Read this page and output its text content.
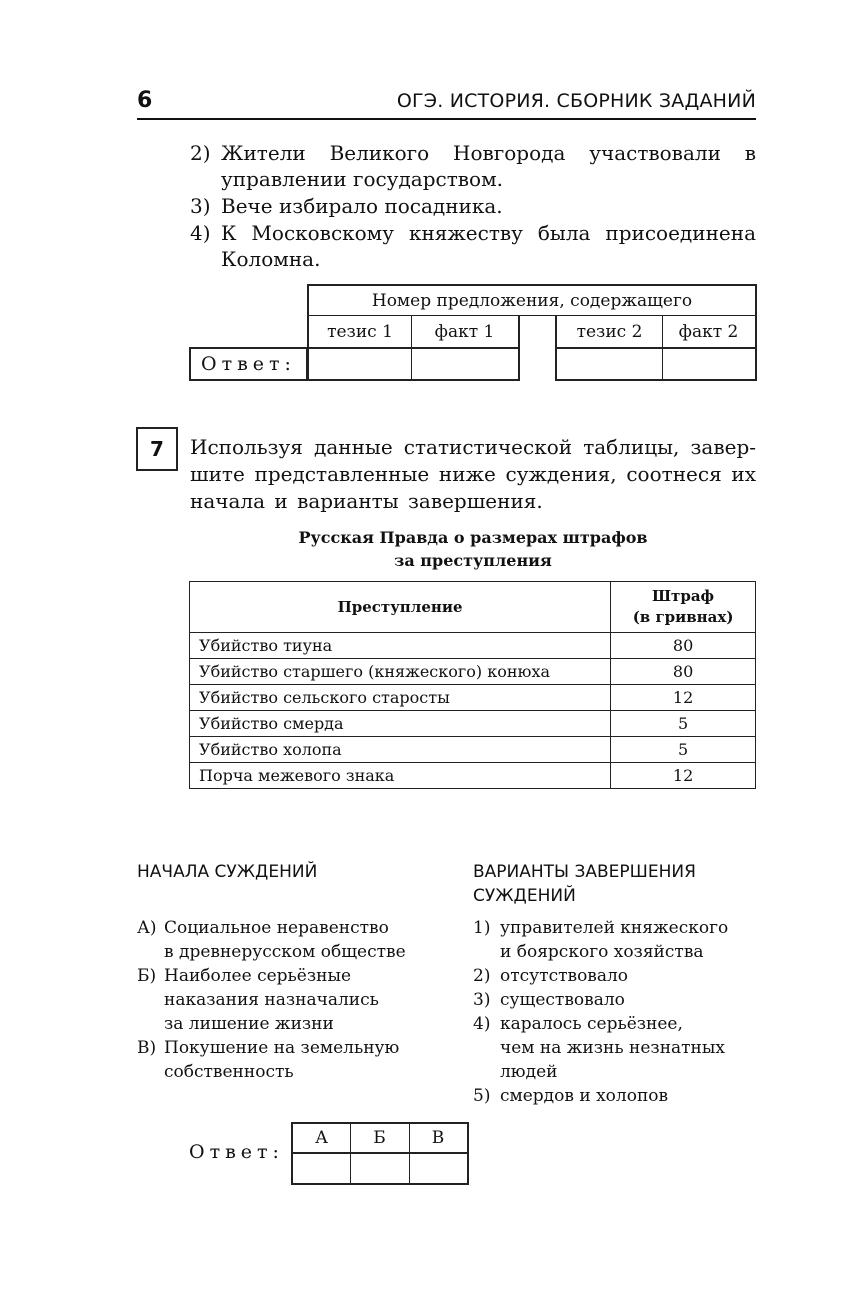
6	ОГЭ. ИСТОРИЯ. СБОРНИК ЗАДАНИЙ
2) Жители Великого Новгорода участвовали в
управлении государством.
3) Вече избирало посадника.
4) К Московскому княжеству была присоединена
Коломна.
Номер предложения, содержащего
тезис 1	факт 1	тезис 2	факт 2
Ответ:
7	Используя данные статистической таблицы, завер-
шите представленные ниже суждения, соотнеся их
начала и варианты завершения.
Русская Правда о размерах штрафов
за преступления
Преступление	Штраф
(в гривнах)

Убийство тиуна	80
Убийство старшего (княжеского) конюха	80
Убийство сельского старосты	12
Убийство смерда	5
Убийство холопа	5
Порча межевого знака	12
НАЧАЛА СУЖДЕНИЙ	ВАРИАНТЫ ЗАВЕРШЕНИЯ
СУЖДЕНИЙ
А) Социальное неравенство
в древнерусском обществе
Б) Наиболее серьёзные
наказания назначались
за лишение жизни
В) Покушение на земельную
собственность
1) управителей княжеского
и боярского хозяйства
2) отсутствовало
3) существовало
4) каралось серьёзнее,
чем на жизнь незнатных
людей
5) смердов и холопов
Ответ:
А	Б	В
